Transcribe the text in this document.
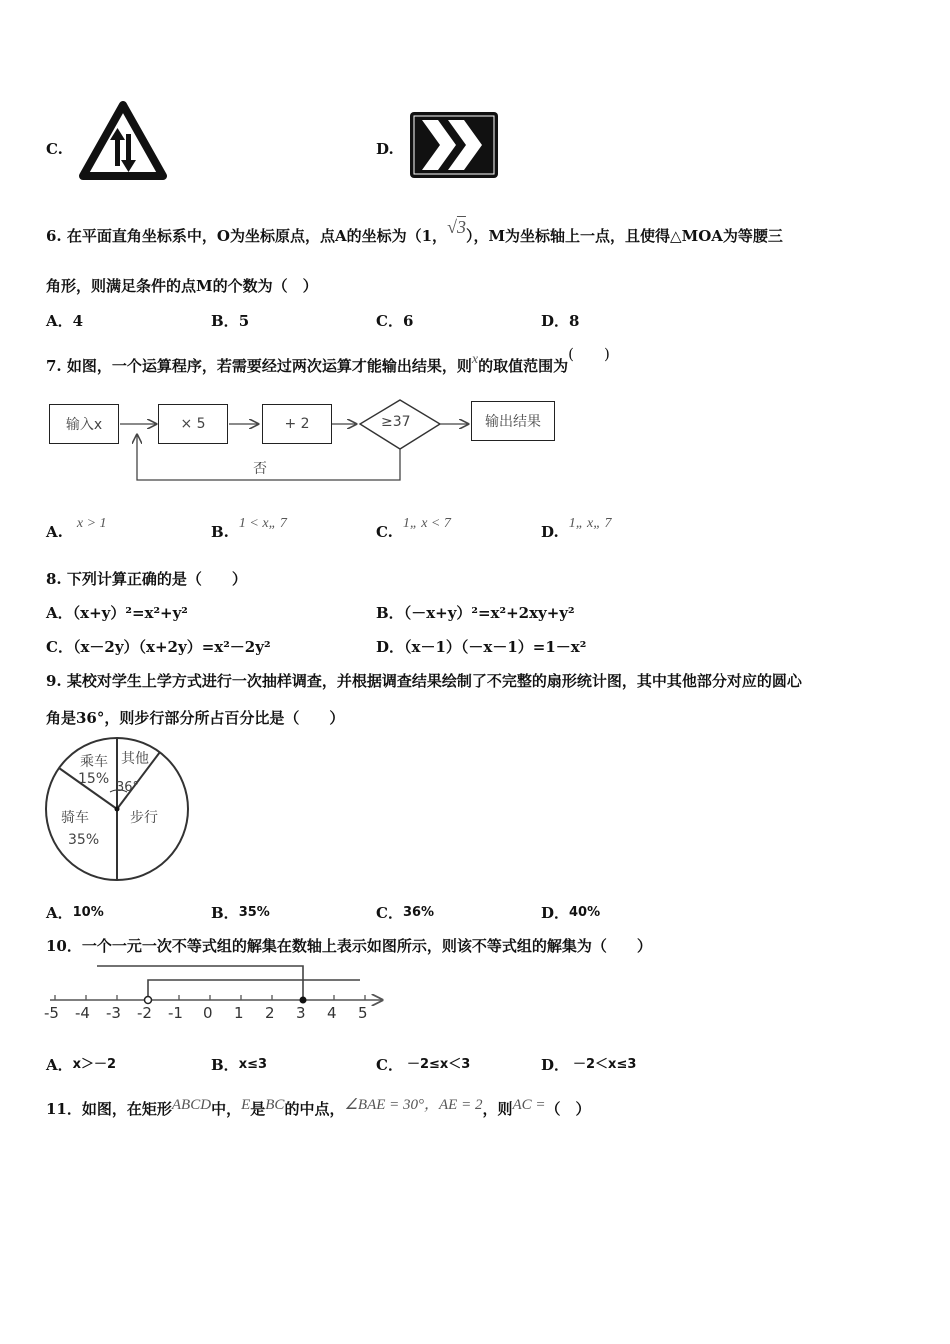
C.	D.
6. 在平面直角坐标系中，O为坐标原点，点A的坐标为（1，√3），M为坐标轴上一点，且使得△MOA为等腰三
角形，则满足条件的点M的个数为（　）
A．4	B．5	C．6	D．8
7. 如图，一个运算程序，若需要经过两次运算才能输出结果，则x的取值范围为(　　)
输入x	× 5	+ 2	≥37	输出结果
否
A. x > 1	B. 1 < x„ 7	C. 1„ x < 7	D. 1„ x„ 7
8. 下列计算正确的是（　　）
A．（x+y）²=x²+y²	B．（－x+y）²=x²+2xy+y²
C．（x－2y）（x+2y）=x²－2y²	D．（x－1）（－x－1）=1－x²
9. 某校对学生上学方式进行一次抽样调查，并根据调查结果绘制了不完整的扇形统计图，其中其他部分对应的圆心
角是36°，则步行部分所占百分比是（　　）
乘车
15%
其他
36°
步行
骑车
35%
A．10%	B．35%	C．36%	D．40%
10．一个一元一次不等式组的解集在数轴上表示如图所示，则该不等式组的解集为（　　）
-5 -4 -3 -2 -1 0 1 2 3 4 5
A．x＞－2	B．x≤3	C． －2≤x＜3	D． －2＜x≤3
11．如图，在矩形ABCD中，E是BC的中点，∠BAE = 30°，AE = 2，则AC =（　）
